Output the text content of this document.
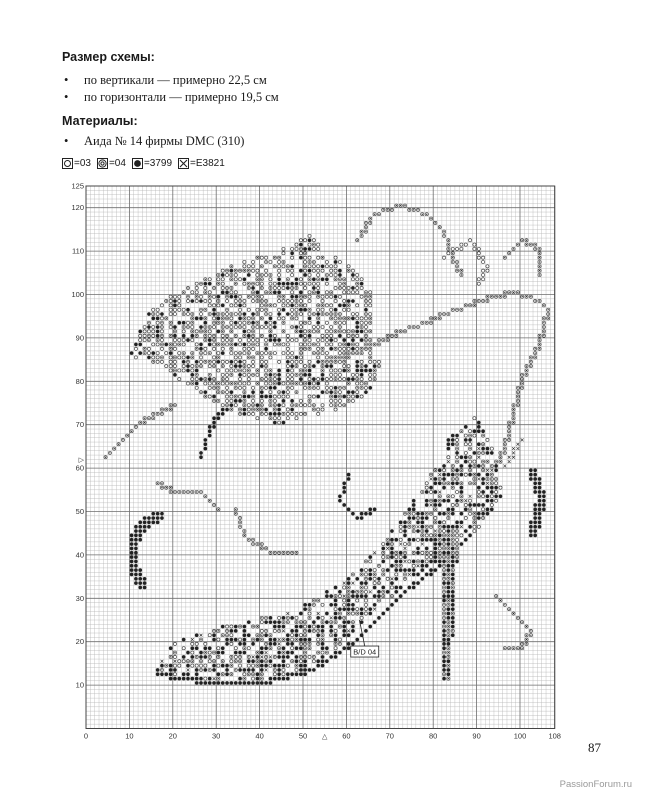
Размер схемы:
• по вертикали — примерно 22,5 см
• по горизонтали — примерно 19,5 см
Материалы:
• Аида № 14 фирмы DMC (310)
=03 =04 =3799 =E3821
0	10	20	30	40	50	60	70	80	90	100	108
10
20
30
40
50
60
70
80
90
100
110
120
125
△
▷
B/D 04
87
PassionForum.ru
